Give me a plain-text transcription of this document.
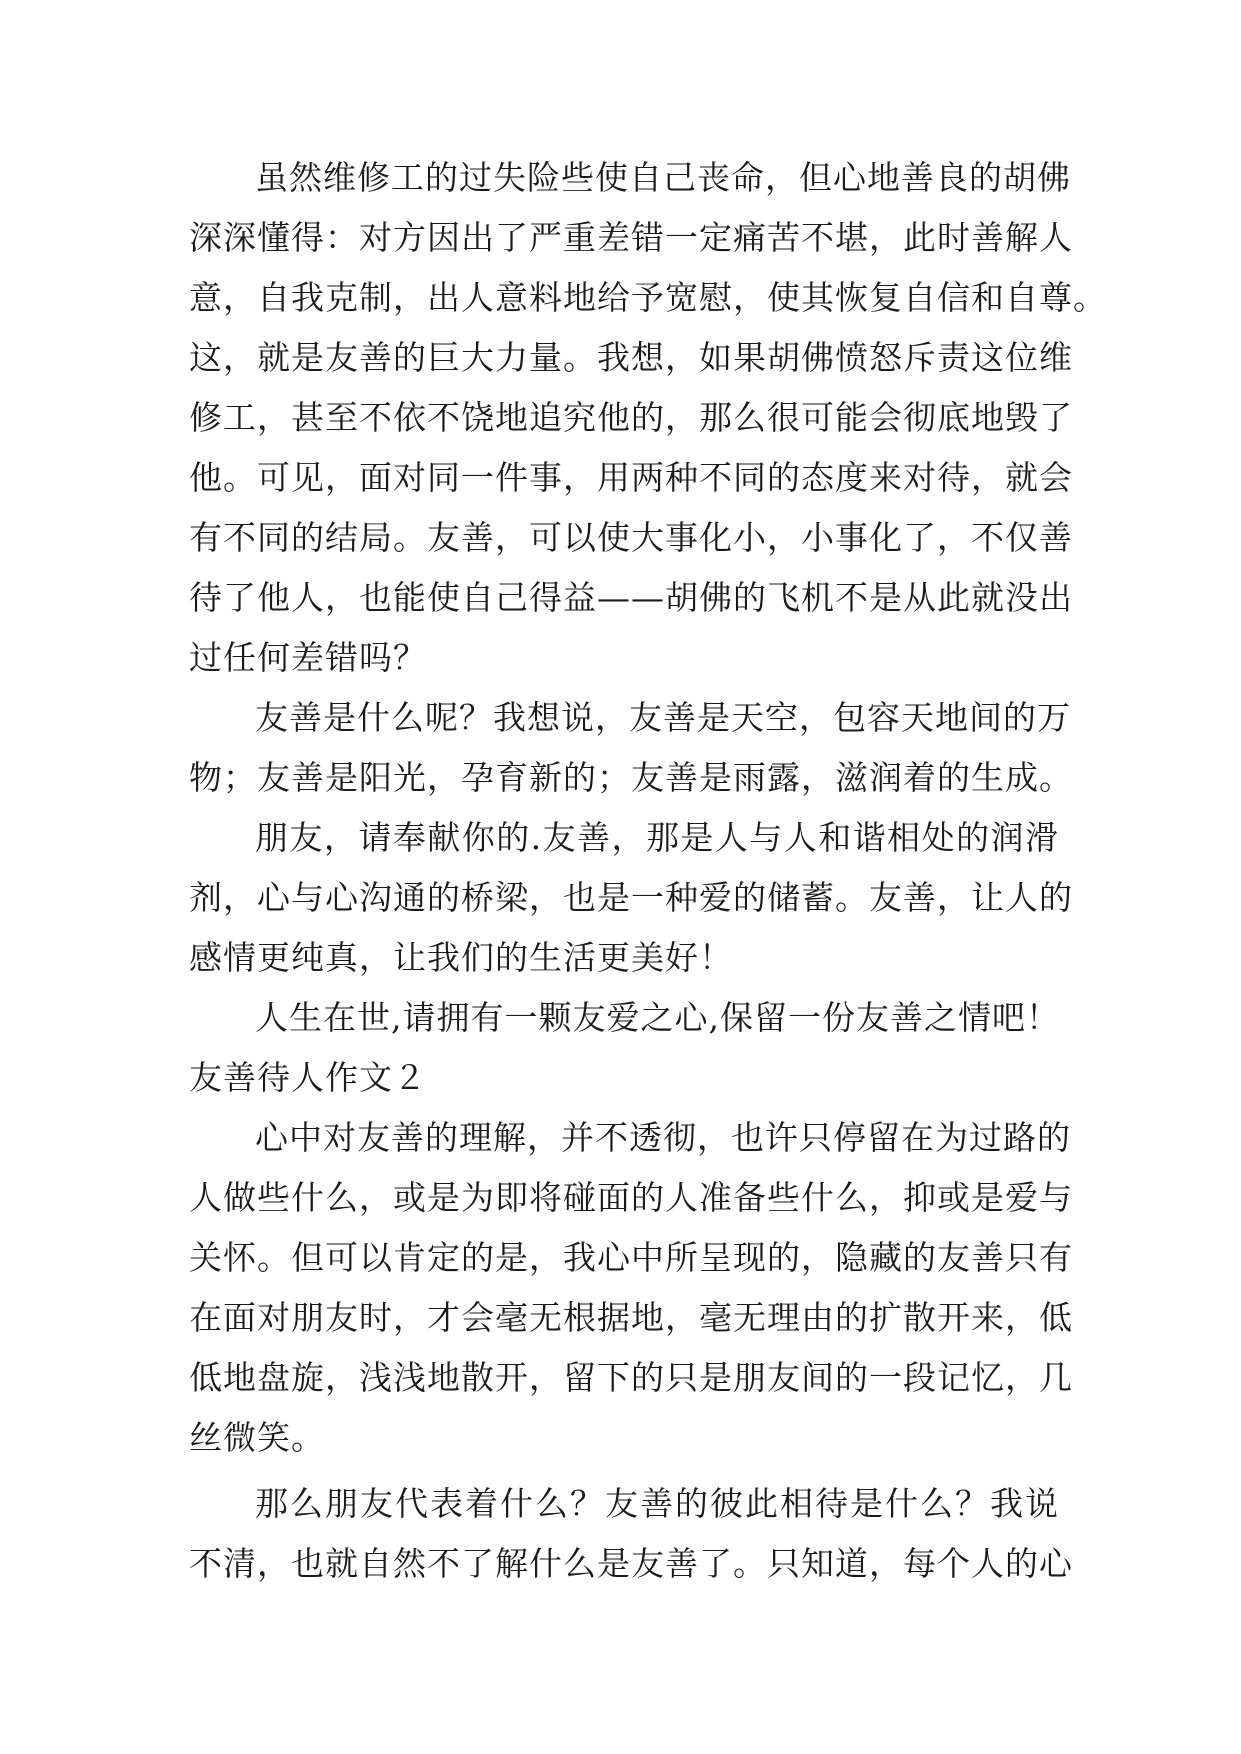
虽然维修工的过失险些使自己丧命，但心地善良的胡佛
深深懂得：对方因出了严重差错一定痛苦不堪，此时善解人
意，自我克制，出人意料地给予宽慰，使其恢复自信和自尊。
这，就是友善的巨大力量。我想，如果胡佛愤怒斥责这位维
修工，甚至不依不饶地追究他的，那么很可能会彻底地毁了
他。可见，面对同一件事，用两种不同的态度来对待，就会
有不同的结局。友善，可以使大事化小，小事化了，不仅善
待了他人，也能使自己得益——胡佛的飞机不是从此就没出
过任何差错吗？
友善是什么呢？我想说，友善是天空，包容天地间的万
物；友善是阳光，孕育新的；友善是雨露，滋润着的生成。
朋友，请奉献你的.友善，那是人与人和谐相处的润滑
剂，心与心沟通的桥梁，也是一种爱的储蓄。友善，让人的
感情更纯真，让我们的生活更美好！
人生在世,请拥有一颗友爱之心,保留一份友善之情吧！
友善待人作文２
心中对友善的理解，并不透彻，也许只停留在为过路的
人做些什么，或是为即将碰面的人准备些什么，抑或是爱与
关怀。但可以肯定的是，我心中所呈现的，隐藏的友善只有
在面对朋友时，才会毫无根据地，毫无理由的扩散开来，低
低地盘旋，浅浅地散开，留下的只是朋友间的一段记忆，几
丝微笑。
那么朋友代表着什么？友善的彼此相待是什么？我说
不清，也就自然不了解什么是友善了。只知道，每个人的心
